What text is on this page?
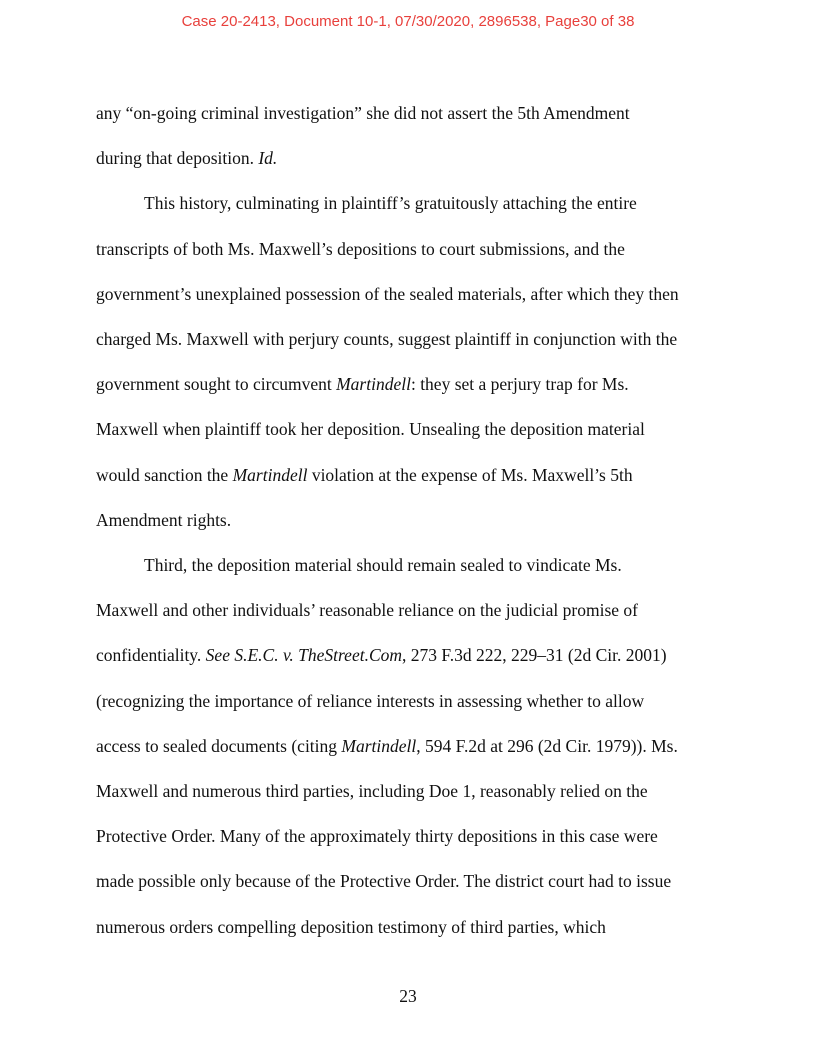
Case 20-2413, Document 10-1, 07/30/2020, 2896538, Page30 of 38

any “on-going criminal investigation” she did not assert the 5th Amendment
during that deposition. Id.

This history, culminating in plaintiff’s gratuitously attaching the entire
transcripts of both Ms. Maxwell’s depositions to court submissions, and the
government’s unexplained possession of the sealed materials, after which they then
charged Ms. Maxwell with perjury counts, suggest plaintiff in conjunction with the
government sought to circumvent Martindell: they set a perjury trap for Ms.
Maxwell when plaintiff took her deposition. Unsealing the deposition material
would sanction the Martindell violation at the expense of Ms. Maxwell’s 5th
Amendment rights.

Third, the deposition material should remain sealed to vindicate Ms.
Maxwell and other individuals’ reasonable reliance on the judicial promise of
confidentiality. See S.E.C. v. TheStreet.Com, 273 F.3d 222, 229–31 (2d Cir. 2001)
(recognizing the importance of reliance interests in assessing whether to allow
access to sealed documents (citing Martindell, 594 F.2d at 296 (2d Cir. 1979)). Ms.
Maxwell and numerous third parties, including Doe 1, reasonably relied on the
Protective Order. Many of the approximately thirty depositions in this case were
made possible only because of the Protective Order. The district court had to issue
numerous orders compelling deposition testimony of third parties, which

23
